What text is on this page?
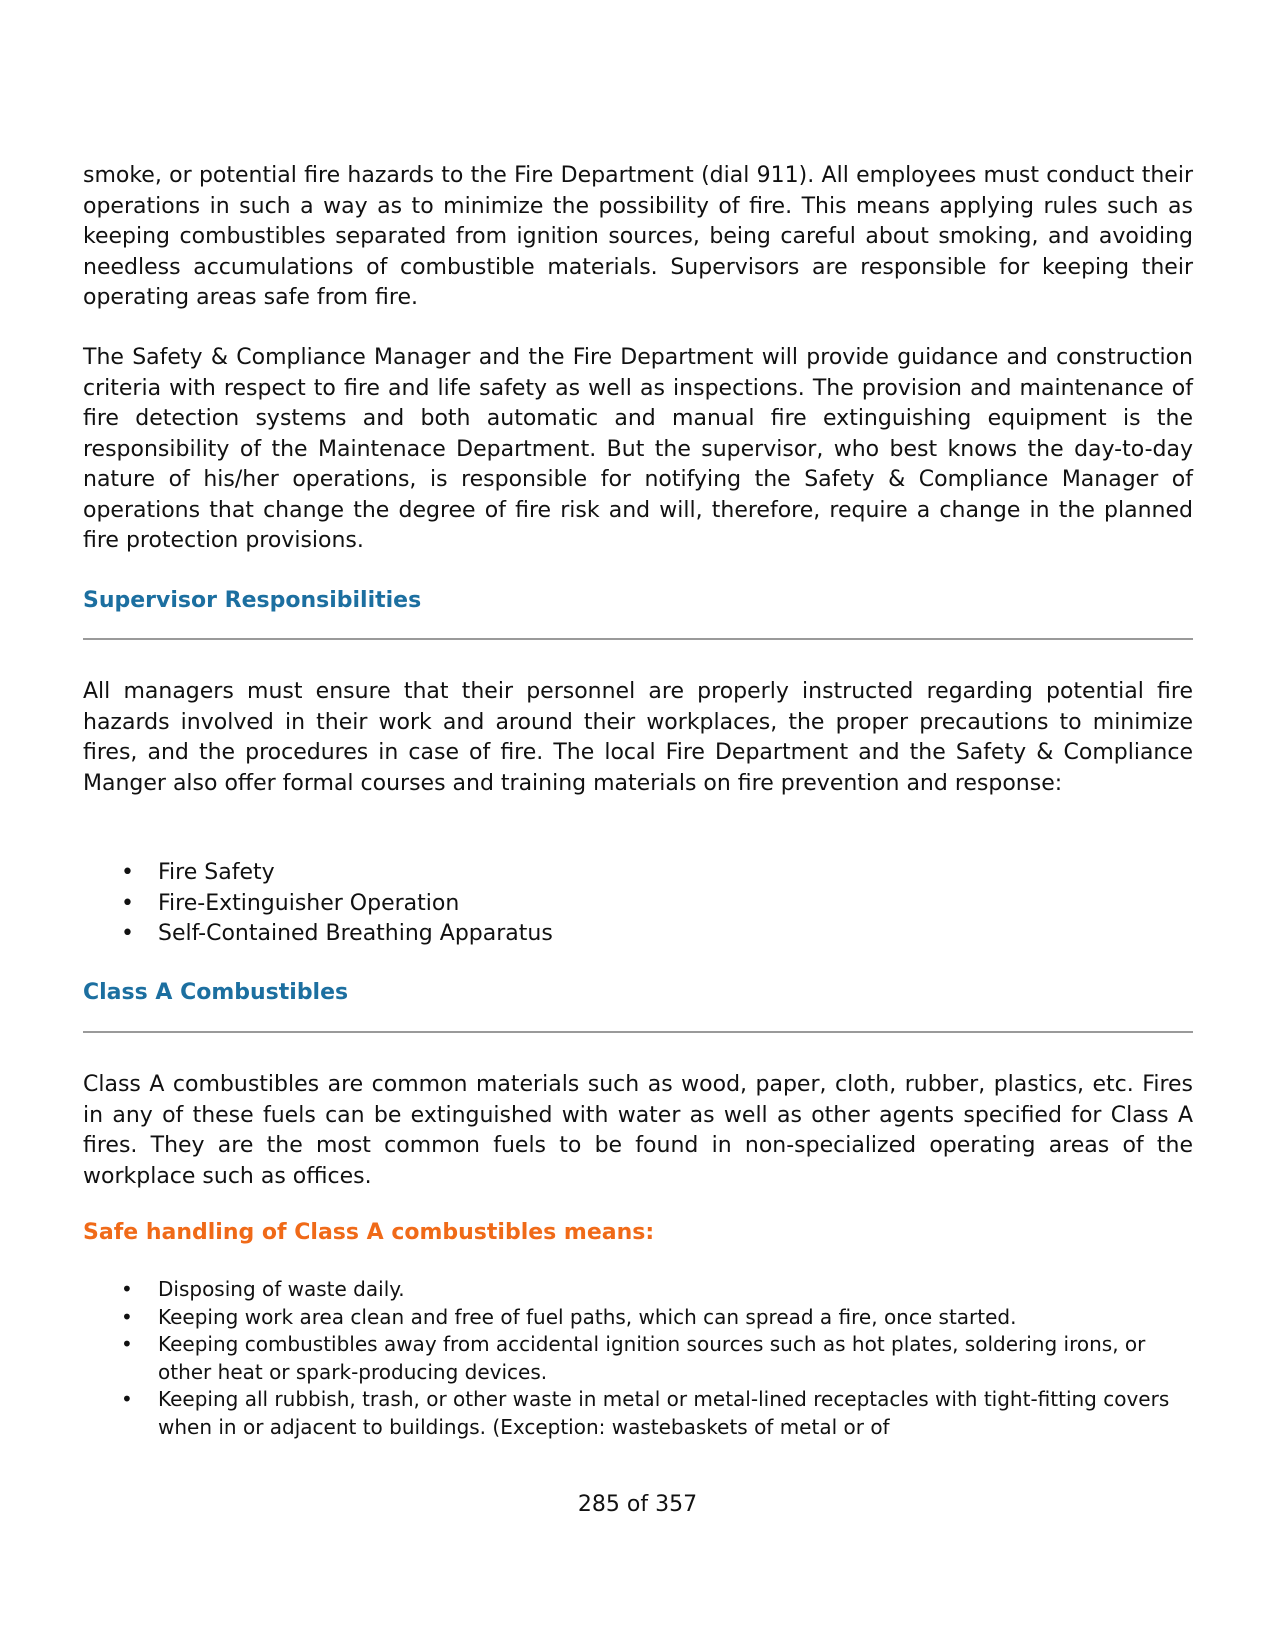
smoke, or potential fire hazards to the Fire Department (dial 911). All employees must conduct their operations in such a way as to minimize the possibility of fire. This means applying rules such as keeping combustibles separated from ignition sources, being careful about smoking, and avoiding needless accumulations of combustible materials. Supervisors are responsible for keeping their operating areas safe from fire.

The Safety & Compliance Manager and the Fire Department will provide guidance and construction criteria with respect to fire and life safety as well as inspections. The provision and maintenance of fire detection systems and both automatic and manual fire extinguishing equipment is the responsibility of the Maintenace Department. But the supervisor, who best knows the day-to-day nature of his/her operations, is responsible for notifying the Safety & Compliance Manager of operations that change the degree of fire risk and will, therefore, require a change in the planned fire protection provisions.

Supervisor Responsibilities

All managers must ensure that their personnel are properly instructed regarding potential fire hazards involved in their work and around their workplaces, the proper precautions to minimize fires, and the procedures in case of fire. The local Fire Department and the Safety & Compliance Manger also offer formal courses and training materials on fire prevention and response:

• Fire Safety
• Fire-Extinguisher Operation
• Self-Contained Breathing Apparatus
Class A Combustibles

Class A combustibles are common materials such as wood, paper, cloth, rubber, plastics, etc. Fires in any of these fuels can be extinguished with water as well as other agents specified for Class A fires. They are the most common fuels to be found in non-specialized operating areas of the workplace such as offices.

Safe handling of Class A combustibles means:
• Disposing of waste daily.
• Keeping work area clean and free of fuel paths, which can spread a fire, once started.
• Keeping combustibles away from accidental ignition sources such as hot plates, soldering irons, or other heat or spark-producing devices.
• Keeping all rubbish, trash, or other waste in metal or metal-lined receptacles with tight-fitting covers when in or adjacent to buildings. (Exception: wastebaskets of metal or of
285 of 357
